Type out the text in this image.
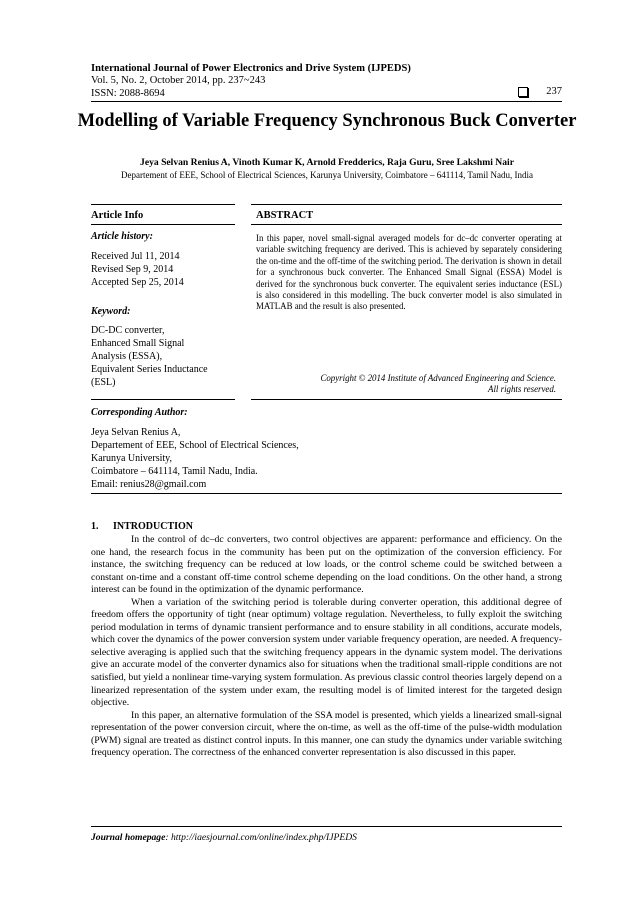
International Journal of Power Electronics and Drive System (IJPEDS)
Vol. 5, No. 2, October 2014, pp. 237~243
ISSN: 2088-8694	237
Modelling of Variable Frequency Synchronous Buck Converter
Jeya Selvan Renius A, Vinoth Kumar K, Arnold Fredderics, Raja Guru, Sree Lakshmi Nair
Departement of EEE, School of Electrical Sciences, Karunya University, Coimbatore – 641114, Tamil Nadu, India
Article Info
Article history:
Received Jul 11, 2014
Revised Sep 9, 2014
Accepted Sep 25, 2014
Keyword:
DC-DC converter,
Enhanced Small Signal
Analysis (ESSA),
Equivalent Series Inductance
(ESL)
ABSTRACT
In this paper, novel small-signal averaged models for dc–dc converter operating at variable switching frequency are derived. This is achieved by separately considering the on-time and the off-time of the switching period. The derivation is shown in detail for a synchronous buck converter. The Enhanced Small Signal (ESSA) Model is derived for the synchronous buck converter. The equivalent series inductance (ESL) is also considered in this modelling. The buck converter model is also simulated in MATLAB and the result is also presented.
Copyright © 2014 Institute of Advanced Engineering and Science.
All rights reserved.
Corresponding Author:
Jeya Selvan Renius A,
Departement of EEE, School of Electrical Sciences,
Karunya University,
Coimbatore – 641114, Tamil Nadu, India.
Email: renius28@gmail.com
1. INTRODUCTION

In the control of dc–dc converters, two control objectives are apparent: performance and efficiency. On the one hand, the research focus in the community has been put on the optimization of the conversion efficiency. For instance, the switching frequency can be reduced at low loads, or the control scheme could be switched between a constant on-time and a constant off-time control scheme depending on the load conditions. On the other hand, a strong interest can be found in the optimization of the dynamic performance.

When a variation of the switching period is tolerable during converter operation, this additional degree of freedom offers the opportunity of tight (near optimum) voltage regulation. Nevertheless, to fully exploit the switching period modulation in terms of dynamic transient performance and to ensure stability in all conditions, accurate models, which cover the dynamics of the power conversion system under variable frequency operation, are needed. A frequency-selective averaging is applied such that the switching frequency appears in the dynamic system model. The derivations give an accurate model of the converter dynamics also for situations when the traditional small-ripple conditions are not satisfied, but yield a nonlinear time-varying system formulation. As previous classic control theories largely depend on a linearized representation of the system under exam, the resulting model is of limited interest for the targeted design objective.

In this paper, an alternative formulation of the SSA model is presented, which yields a linearized small-signal representation of the power conversion circuit, where the on-time, as well as the off-time of the pulse-width modulation (PWM) signal are treated as distinct control inputs. In this manner, one can study the dynamics under variable switching frequency operation. The correctness of the enhanced converter representation is also discussed in this paper.

Journal homepage: http://iaesjournal.com/online/index.php/IJPEDS
